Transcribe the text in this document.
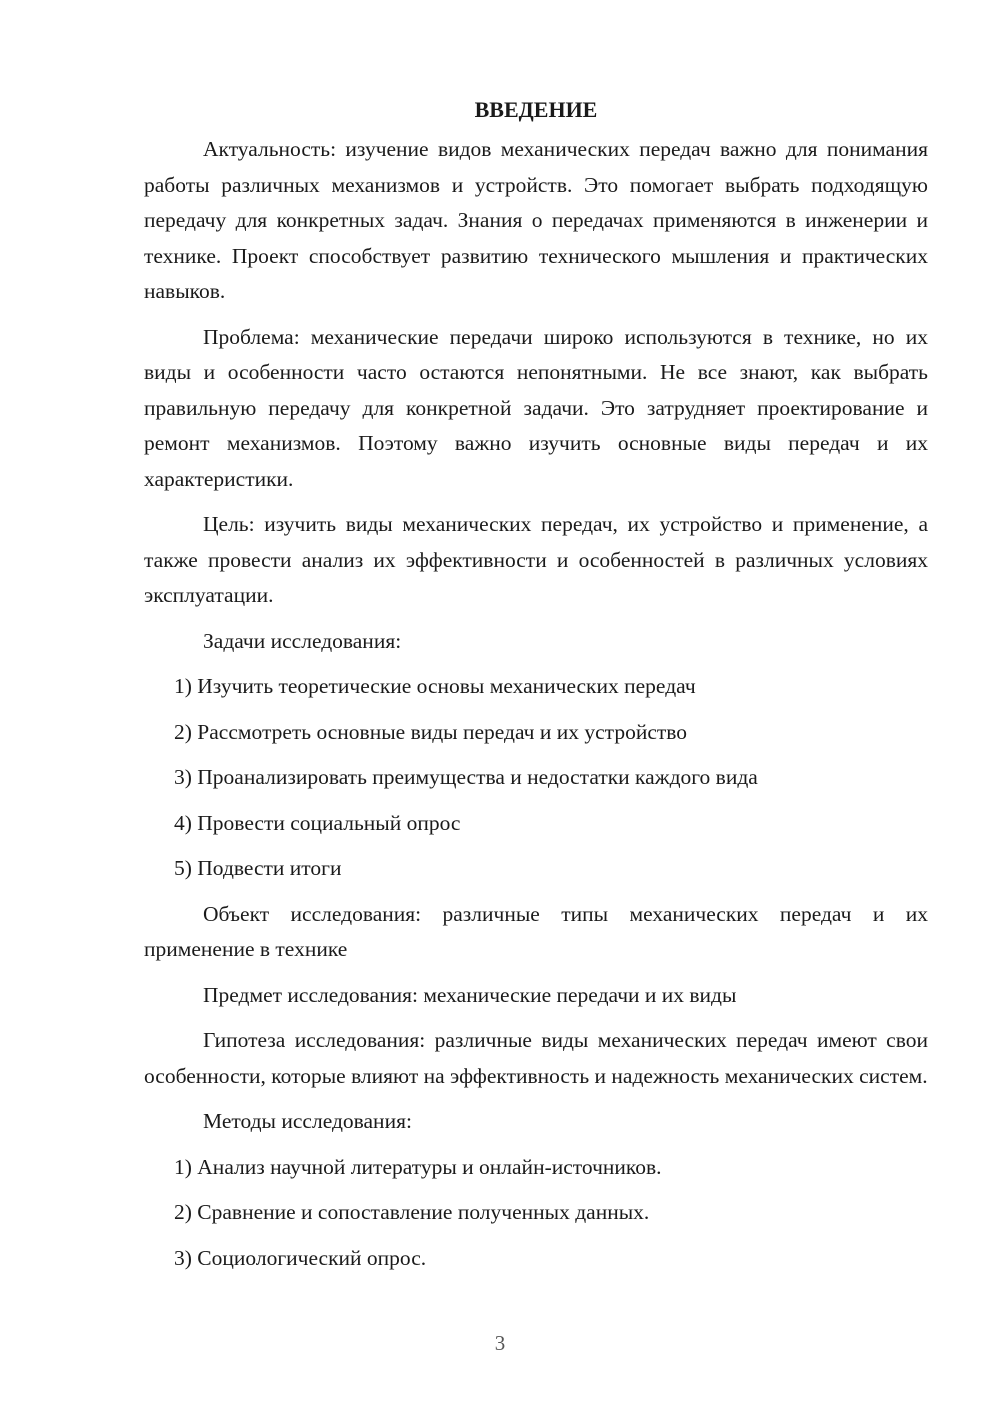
ВВЕДЕНИЕ

Актуальность: изучение видов механических передач важно для понимания работы различных механизмов и устройств. Это помогает выбрать подходящую передачу для конкретных задач. Знания о передачах применяются в инженерии и технике. Проект способствует развитию технического мышления и практических навыков.

Проблема: механические передачи широко используются в технике, но их виды и особенности часто остаются непонятными. Не все знают, как выбрать правильную передачу для конкретной задачи. Это затрудняет проектирование и ремонт механизмов. Поэтому важно изучить основные виды передач и их характеристики.

Цель: изучить виды механических передач, их устройство и применение, а также провести анализ их эффективности и особенностей в различных условиях эксплуатации.

Задачи исследования:

1) Изучить теоретические основы механических передач

2) Рассмотреть основные виды передач и их устройство

3) Проанализировать преимущества и недостатки каждого вида

4) Провести социальный опрос

5) Подвести итоги

Объект исследования: различные типы механических передач и их применение в технике

Предмет исследования: механические передачи и их виды

Гипотеза исследования: различные виды механических передач имеют свои особенности, которые влияют на эффективность и надежность механических систем.

Методы исследования:

1) Анализ научной литературы и онлайн-источников.

2) Сравнение и сопоставление полученных данных.

3) Социологический опрос.

3
